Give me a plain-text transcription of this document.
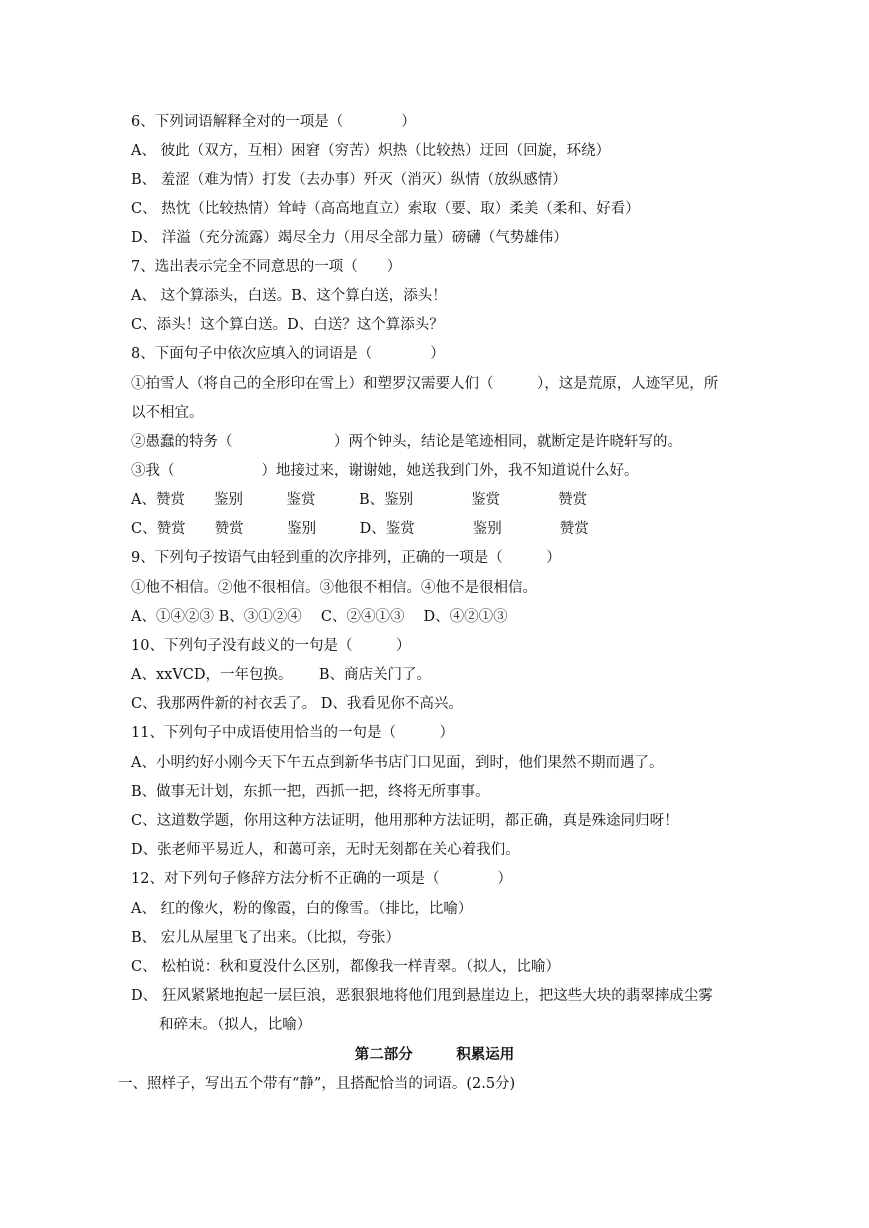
6、下列词语解释全对的一项是（　　　　）
A、 彼此（双方，互相）困窘（穷苦）炽热（比较热）迂回（回旋，环绕）
B、 羞涩（难为情）打发（去办事）歼灭（消灭）纵情（放纵感情）
C、 热忱（比较热情）耸峙（高高地直立）索取（要、取）柔美（柔和、好看）
D、 洋溢（充分流露）竭尽全力（用尽全部力量）磅礴（气势雄伟）
7、选出表示完全不同意思的一项（　　）
A、 这个算添头，白送。B、这个算白送，添头！
C、添头！这个算白送。D、白送？这个算添头？
8、下面句子中依次应填入的词语是（　　　　）
①拍雪人（将自己的全形印在雪上）和塑罗汉需要人们（　　　），这是荒原，人迹罕见，所
以不相宜。
②愚蠢的特务（　　　　　　　）两个钟头，结论是笔迹相同，就断定是许晓轩写的。
③我（　　　　　　）地接过来，谢谢她，她送我到门外，我不知道说什么好。
A、赞赏　　鉴别　　　鉴赏　　　B、鉴别　　　　鉴赏　　　　赞赏
C、赞赏　　赞赏　　　鉴别　　　D、鉴赏　　　　鉴别　　　　赞赏
9、下列句子按语气由轻到重的次序排列，正确的一项是（　　　）
①他不相信。②他不很相信。③他很不相信。④他不是很相信。
A、①④②③ B、③①②④　 C、②④①③　 D、④②①③
10、下列句子没有歧义的一句是（　　　）
A、xxVCD，一年包换。　　 B、商店关门了。
C、我那两件新的衬衣丢了。 D、我看见你不高兴。
11、下列句子中成语使用恰当的一句是（　　　）
A、小明约好小刚今天下午五点到新华书店门口见面，到时，他们果然不期而遇了。
B、做事无计划，东抓一把，西抓一把，终将无所事事。
C、这道数学题，你用这种方法证明，他用那种方法证明，都正确，真是殊途同归呀！
D、张老师平易近人，和蔼可亲，无时无刻都在关心着我们。
12、对下列句子修辞方法分析不正确的一项是（　　　　）
A、 红的像火，粉的像霞，白的像雪。（排比，比喻）
B、 宏儿从屋里飞了出来。（比拟，夸张）
C、 松柏说：秋和夏没什么区别，都像我一样青翠。（拟人，比喻）
D、 狂风紧紧地抱起一层巨浪，恶狠狠地将他们甩到悬崖边上，把这些大块的翡翠摔成尘雾
和碎末。（拟人，比喻）
第二部分　　　积累运用
一、照样子，写出五个带有“静”，且搭配恰当的词语。(2.5分)
